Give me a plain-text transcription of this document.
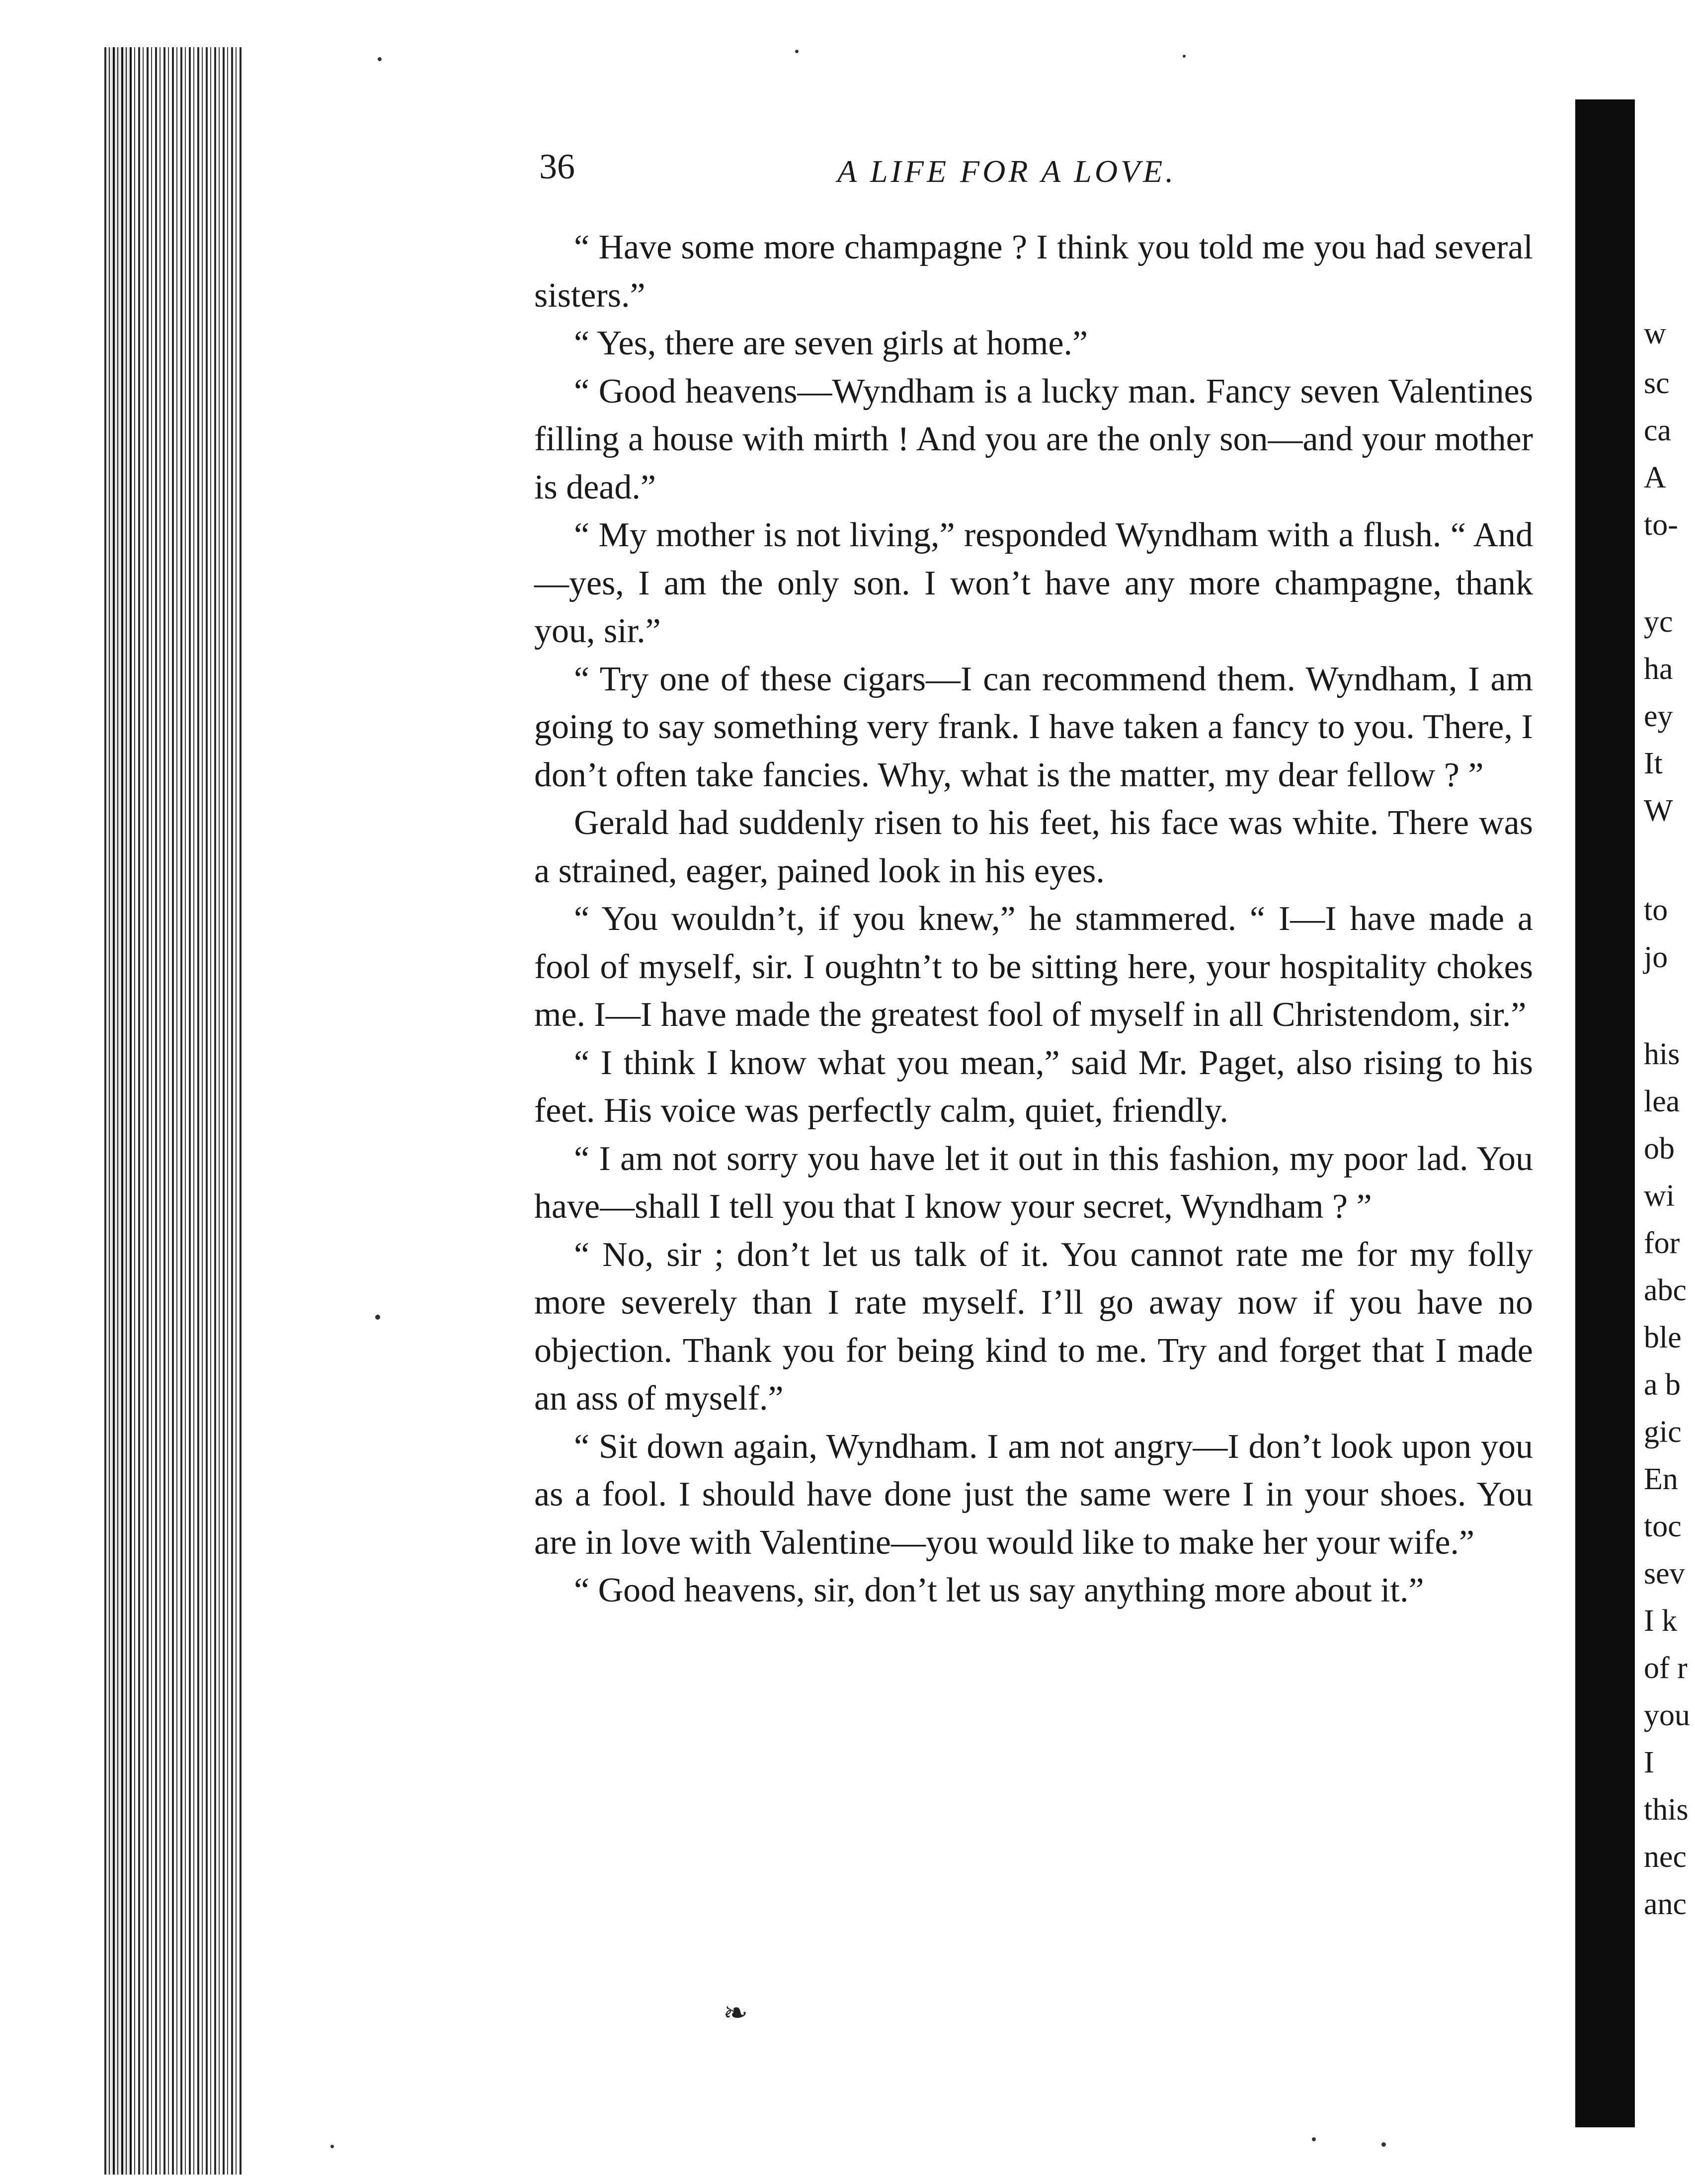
36	A LIFE FOR A LOVE.

“ Have some more champagne ? I think you told me you had several sisters.”

“ Yes, there are seven girls at home.”

“ Good heavens—Wyndham is a lucky man. Fancy seven Valentines filling a house with mirth ! And you are the only son—and your mother is dead.”

“ My mother is not living,” responded Wyndham with a flush. “ And—yes, I am the only son. I won’t have any more champagne, thank you, sir.”

“ Try one of these cigars—I can recommend them. Wyndham, I am going to say something very frank. I have taken a fancy to you. There, I don’t often take fancies. Why, what is the matter, my dear fellow ? ”

Gerald had suddenly risen to his feet, his face was white. There was a strained, eager, pained look in his eyes.

“ You wouldn’t, if you knew,” he stammered. “ I—I have made a fool of myself, sir. I oughtn’t to be sitting here, your hospitality chokes me. I—I have made the greatest fool of myself in all Christendom, sir.”

“ I think I know what you mean,” said Mr. Paget, also rising to his feet. His voice was perfectly calm, quiet, friendly.

“ I am not sorry you have let it out in this fashion, my poor lad. You have—shall I tell you that I know your secret, Wyndham ? ”

“ No, sir ; don’t let us talk of it. You cannot rate me for my folly more severely than I rate myself. I’ll go away now if you have no objection. Thank you for being kind to me. Try and forget that I made an ass of myself.”

“ Sit down again, Wyndham. I am not angry—I don’t look upon you as a fool. I should have done just the same were I in your shoes. You are in love with Valentine—you would like to make her your wife.”

“ Good heavens, sir, don’t let us say anything more about it.”

❧
w
sc
ca
A
to-
yc
ha
ey
It
W
to
jo
his
lea
ob
wi
for
abc
ble
a b
gic
En
toc
sev
I k
of r
you
I
this
nec
anc
